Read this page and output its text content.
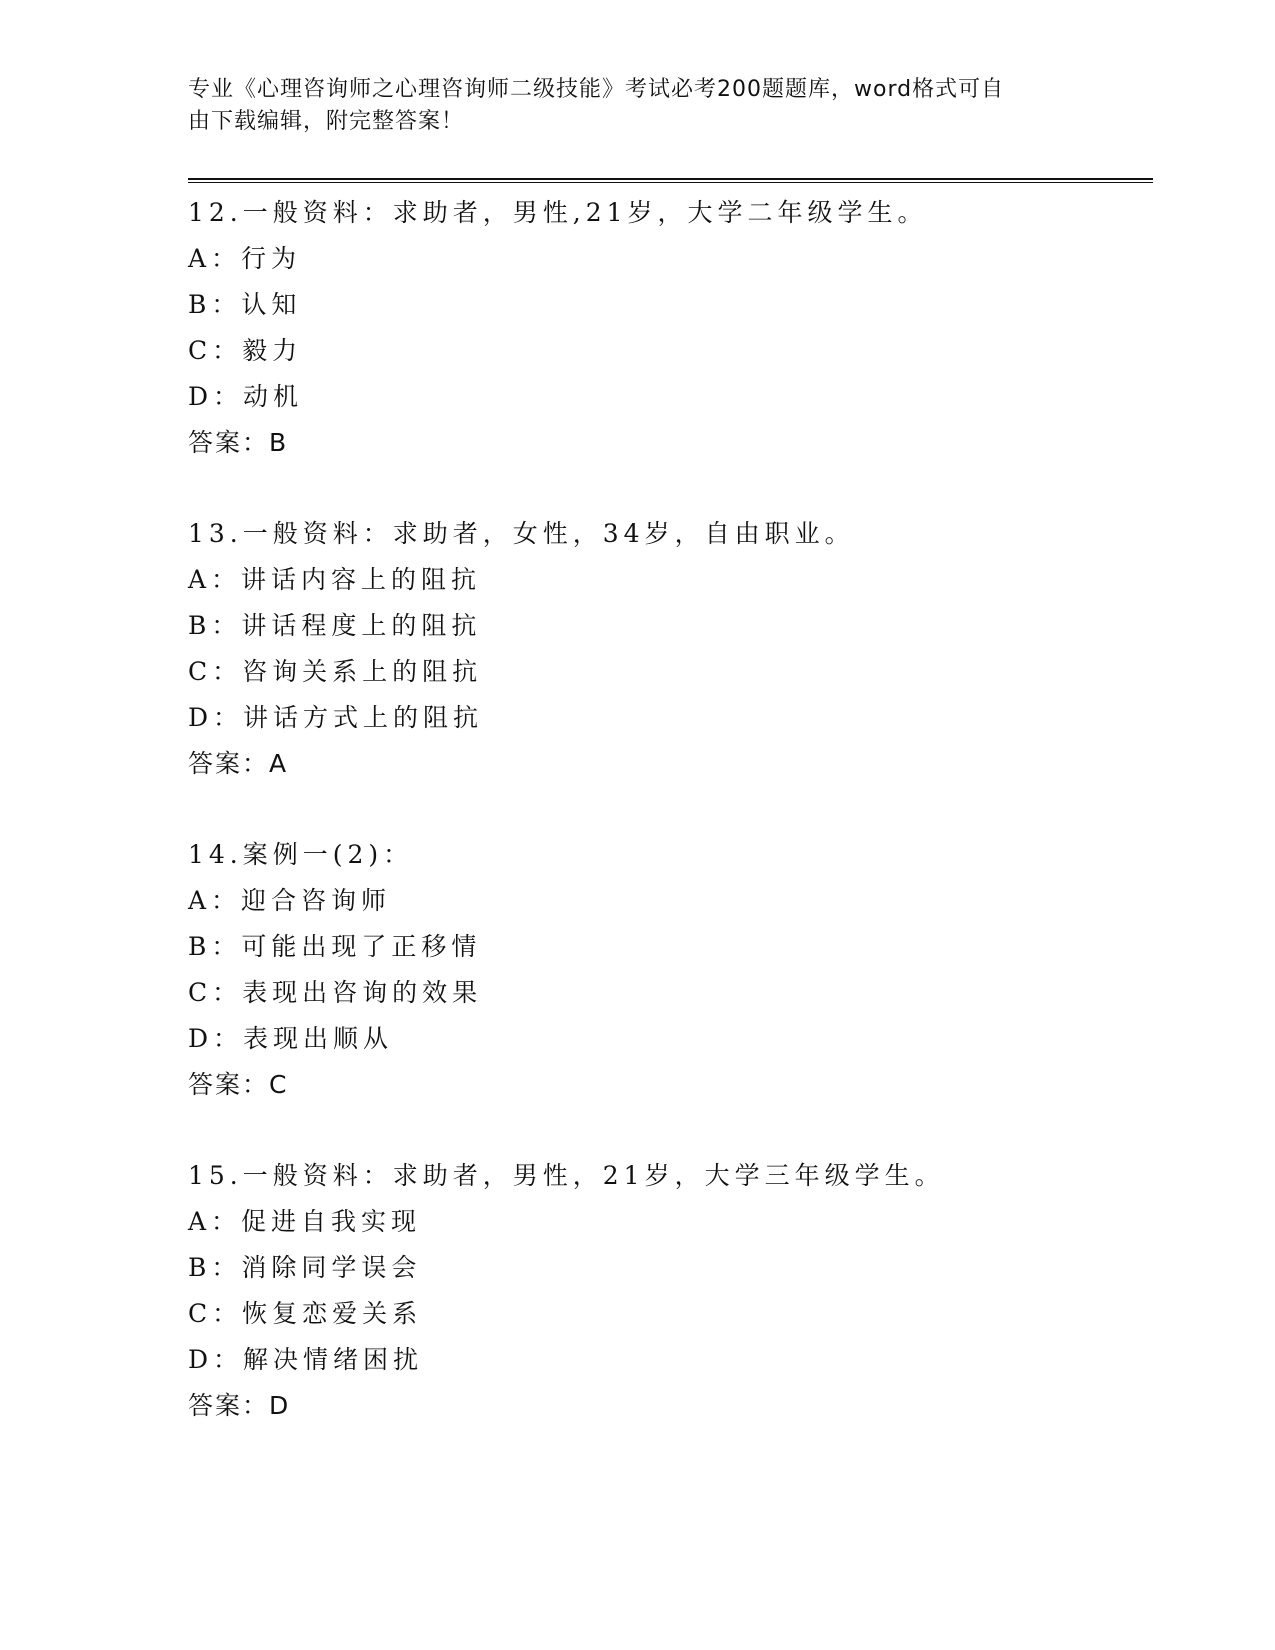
专业《心理咨询师之心理咨询师二级技能》考试必考200题题库，word格式可自
由下载编辑，附完整答案！
12.一般资料：求助者，男性,21岁，大学二年级学生。
A：行为
B：认知
C：毅力
D：动机
答案：B
13.一般资料：求助者，女性，34岁，自由职业。
A：讲话内容上的阻抗
B：讲话程度上的阻抗
C：咨询关系上的阻抗
D：讲话方式上的阻抗
答案：A
14.案例一(2)：
A：迎合咨询师
B：可能出现了正移情
C：表现出咨询的效果
D：表现出顺从
答案：C
15.一般资料：求助者，男性，21岁，大学三年级学生。
A：促进自我实现
B：消除同学误会
C：恢复恋爱关系
D：解决情绪困扰
答案：D
